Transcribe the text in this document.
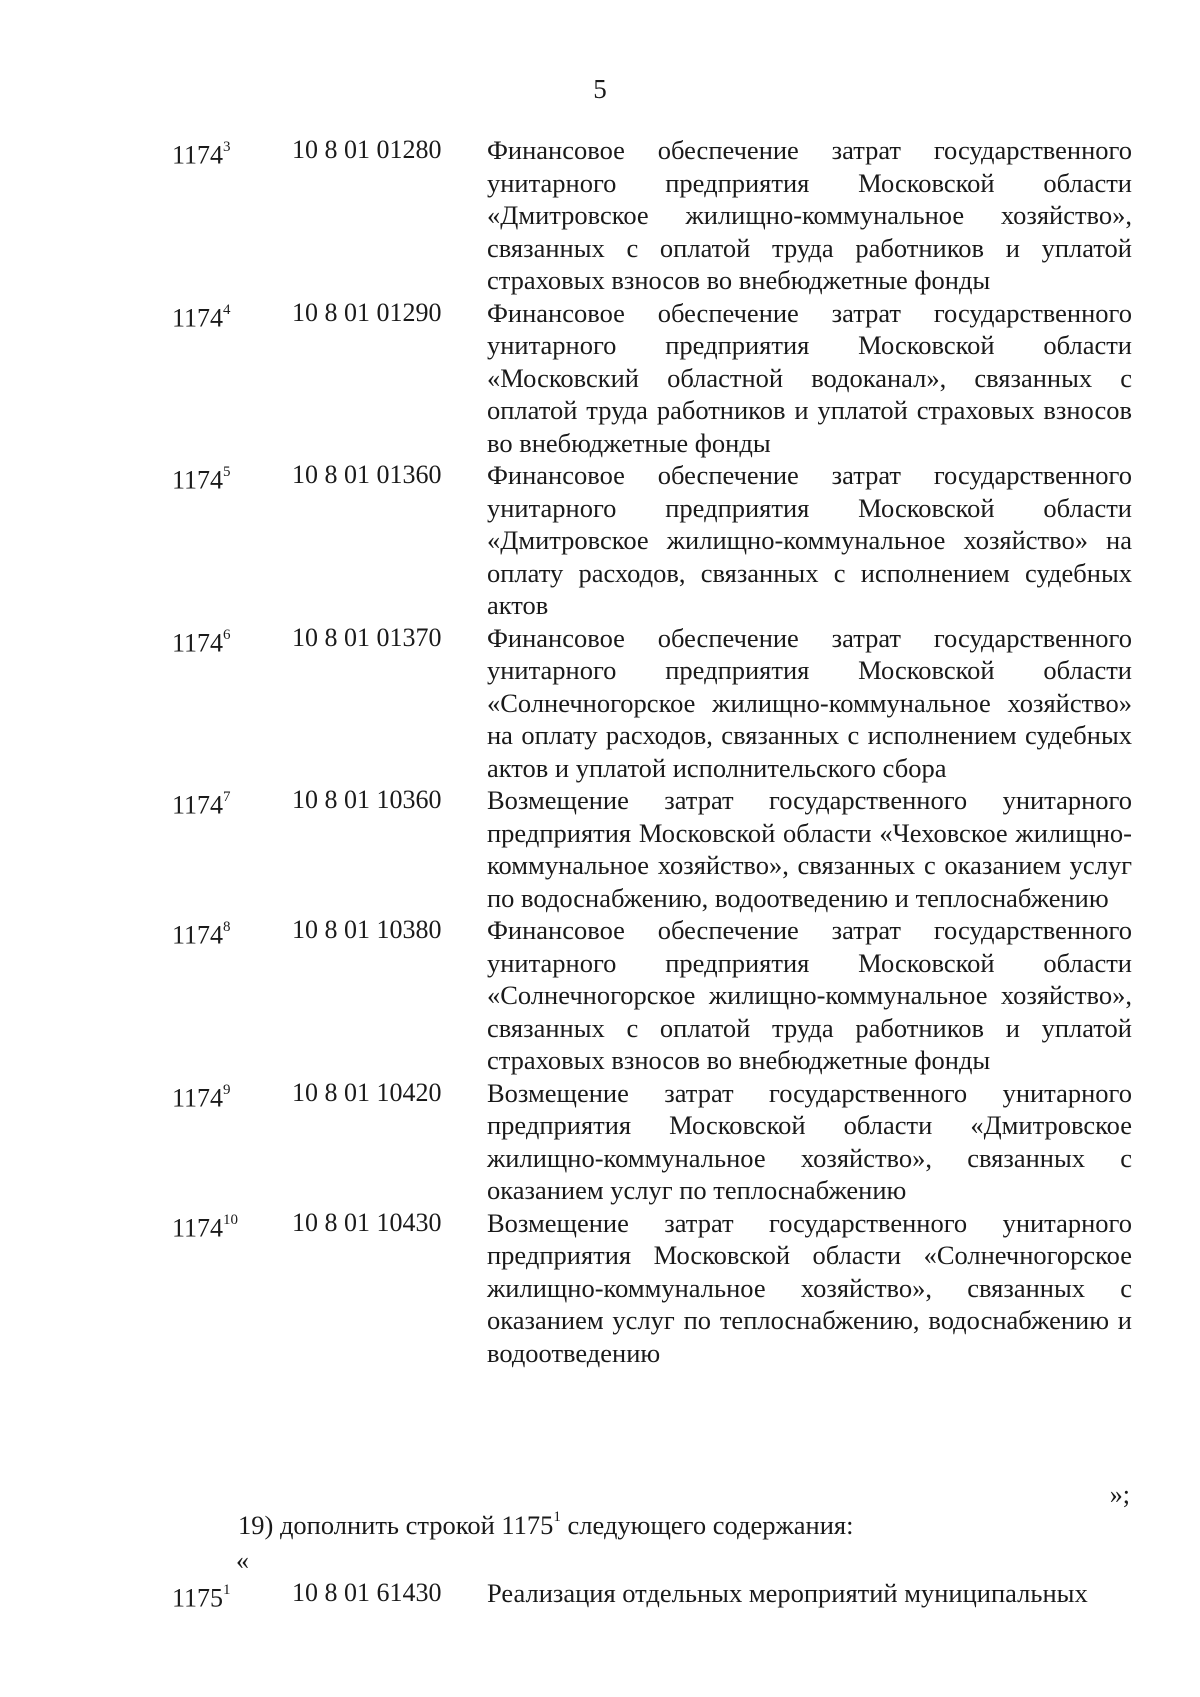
5
1174$^3$ 10 8 01 01280 Финансовое обеспечение затрат государственного унитарного предприятия Московской области «Дмитровское жилищно-коммунальное хозяйство», связанных с оплатой труда работников и уплатой страховых взносов во внебюджетные фонды
1174$^4$ 10 8 01 01290 Финансовое обеспечение затрат государственного унитарного предприятия Московской области «Московский областной водоканал», связанных с оплатой труда работников и уплатой страховых взносов во внебюджетные фонды
1174$^5$ 10 8 01 01360 Финансовое обеспечение затрат государственного унитарного предприятия Московской области «Дмитровское жилищно-коммунальное хозяйство» на оплату расходов, связанных с исполнением судебных актов
1174$^6$ 10 8 01 01370 Финансовое обеспечение затрат государственного унитарного предприятия Московской области «Солнечногорское жилищно-коммунальное хозяйство» на оплату расходов, связанных с исполнением судебных актов и уплатой исполнительского сбора
1174$^7$ 10 8 01 10360 Возмещение затрат государственного унитарного предприятия Московской области «Чеховское жилищно-коммунальное хозяйство», связанных с оказанием услуг по водоснабжению, водоотведению и теплоснабжению
1174$^8$ 10 8 01 10380 Финансовое обеспечение затрат государственного унитарного предприятия Московской области «Солнечногорское жилищно-коммунальное хозяйство», связанных с оплатой труда работников и уплатой страховых взносов во внебюджетные фонды
1174$^9$ 10 8 01 10420 Возмещение затрат государственного унитарного предприятия Московской области «Дмитровское жилищно-коммунальное хозяйство», связанных с оказанием услуг по теплоснабжению
1174$^{10}$ 10 8 01 10430 Возмещение затрат государственного унитарного предприятия Московской области «Солнечногорское жилищно-коммунальное хозяйство», связанных с оказанием услуг по теплоснабжению, водоснабжению и водоотведению
»;
19) дополнить строкой 1175$^1$ следующего содержания:
«
1175$^1$ 10 8 01 61430 Реализация отдельных мероприятий муниципальных
